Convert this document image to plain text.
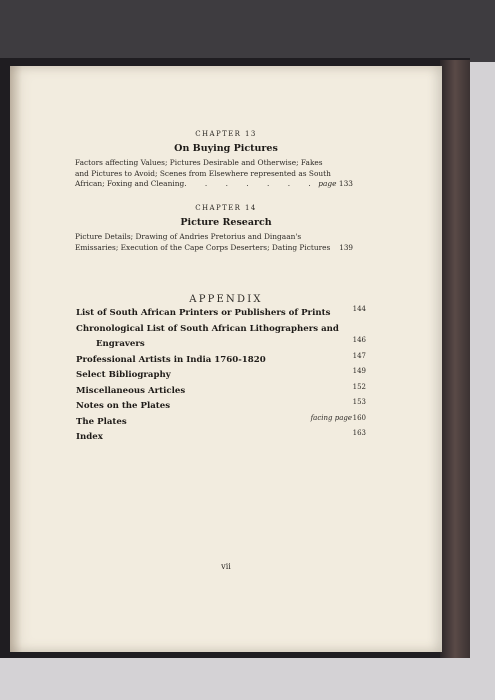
CHAPTER 13
On Buying Pictures
Factors affecting Values; Pictures Desirable and Otherwise; Fakes
and Pictures to Avoid; Scenes from Elsewhere represented as South
African; Foxing and Cleaning . . . . . . . page 133
CHAPTER 14
Picture Research
Picture Details; Drawing of Andries Pretorius and Dingaan's
Emissaries; Execution of the Cape Corps Deserters; Dating Pictures	139
APPENDIX
List of South African Printers or Publishers of Prints	144
Chronological List of South African Lithographers and
Engravers	146
Professional Artists in India 1760-1820	147
Select Bibliography	149
Miscellaneous Articles	152
Notes on the Plates	153
The Plates	facing page 160
Index	163
vii
